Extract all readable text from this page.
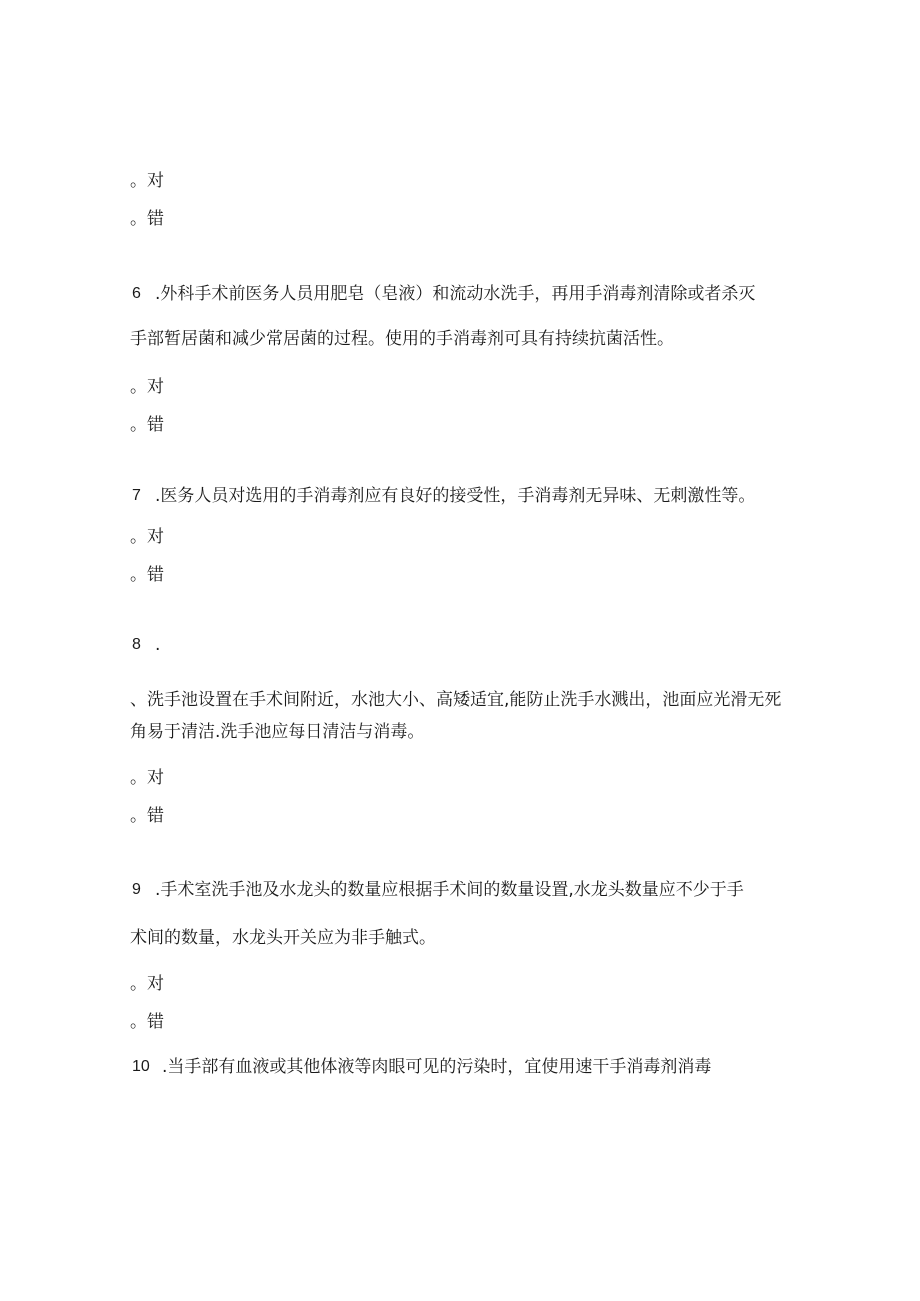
。对
。错
6 .外科手术前医务人员用肥皂（皂液）和流动水洗手，再用手消毒剂清除或者杀灭
手部暂居菌和减少常居菌的过程。使用的手消毒剂可具有持续抗菌活性。
。对
。错
7 .医务人员对选用的手消毒剂应有良好的接受性，手消毒剂无异味、无刺激性等。
。对
。错
8 .
、洗手池设置在手术间附近，水池大小、高矮适宜,能防止洗手水溅出，池面应光滑无死
角易于清洁.洗手池应每日清洁与消毒。
。对
。错
9 .手术室洗手池及水龙头的数量应根据手术间的数量设置,水龙头数量应不少于手
术间的数量，水龙头开关应为非手触式。
。对
。错
10 .当手部有血液或其他体液等肉眼可见的污染时，宜使用速干手消毒剂消毒
